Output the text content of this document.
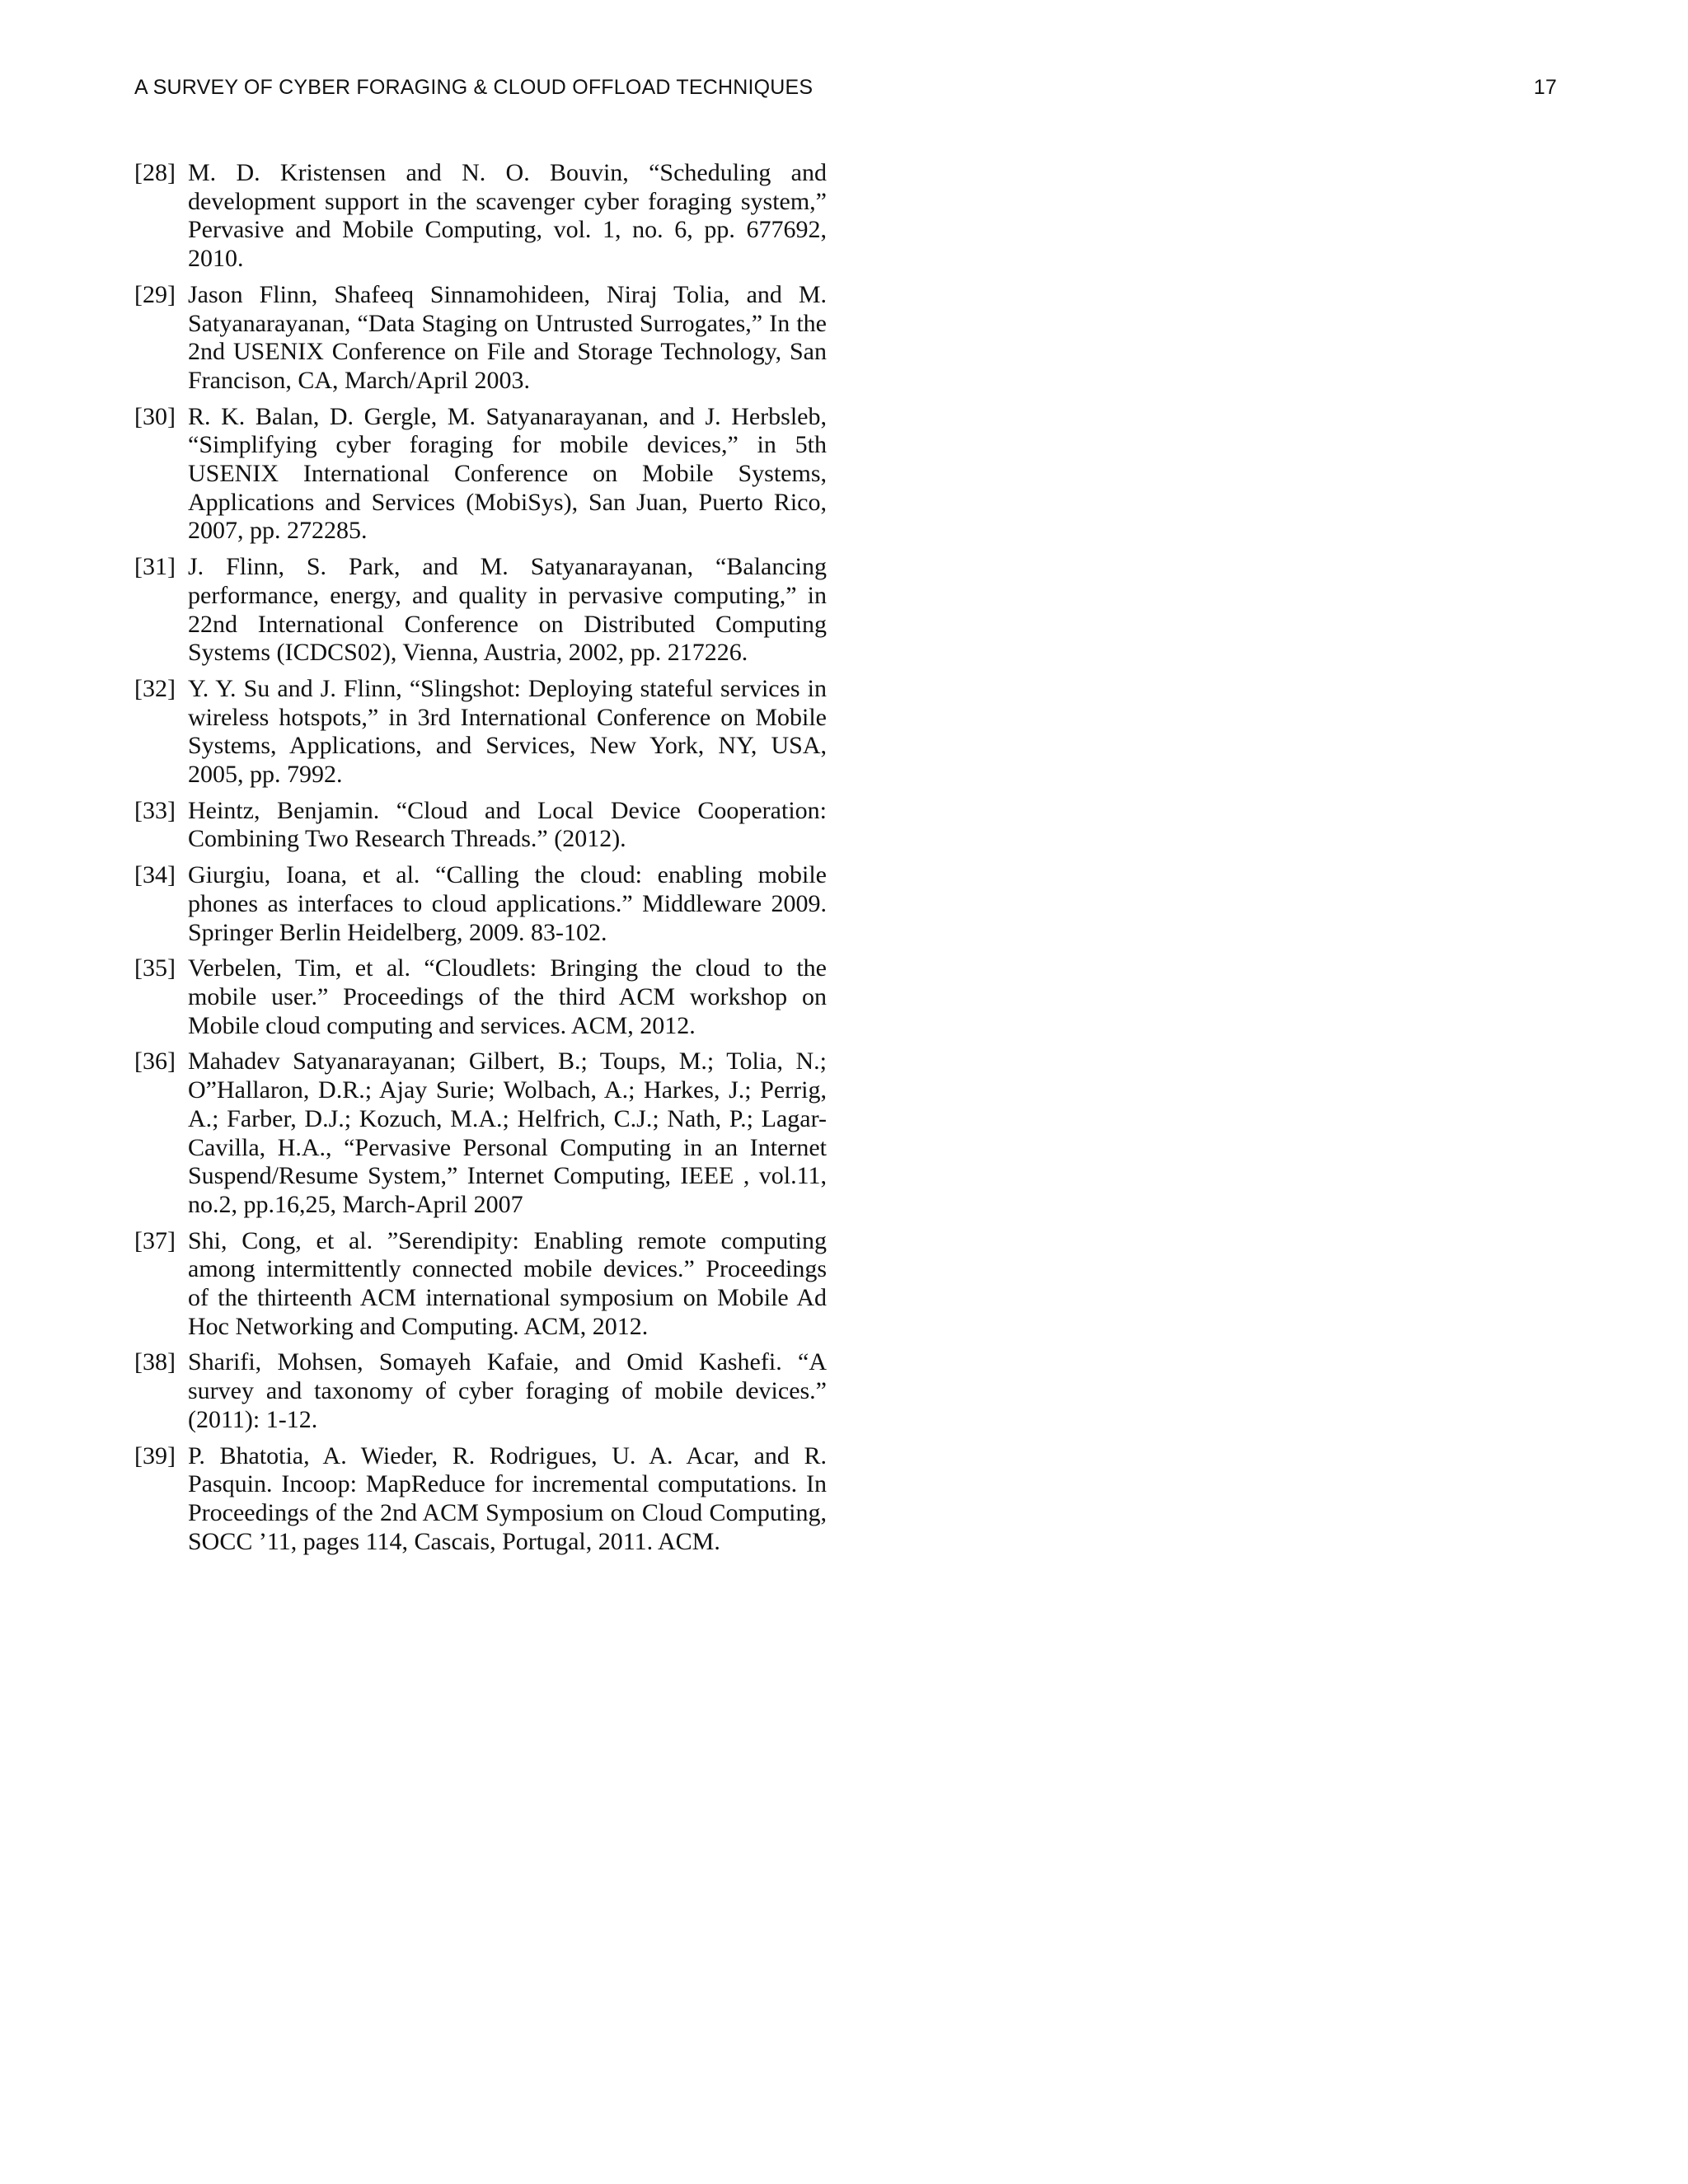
A SURVEY OF CYBER FORAGING & CLOUD OFFLOAD TECHNIQUES	17
[28] M. D. Kristensen and N. O. Bouvin, “Scheduling and development support in the scavenger cyber foraging system,” Pervasive and Mobile Computing, vol. 1, no. 6, pp. 677692, 2010.
[29] Jason Flinn, Shafeeq Sinnamohideen, Niraj Tolia, and M. Satyanarayanan, “Data Staging on Untrusted Surrogates,” In the 2nd USENIX Conference on File and Storage Technology, San Francison, CA, March/April 2003.
[30] R. K. Balan, D. Gergle, M. Satyanarayanan, and J. Herbsleb, “Simplifying cyber foraging for mobile devices,” in 5th USENIX International Conference on Mobile Systems, Applications and Services (MobiSys), San Juan, Puerto Rico, 2007, pp. 272285.
[31] J. Flinn, S. Park, and M. Satyanarayanan, “Balancing performance, energy, and quality in pervasive computing,” in 22nd International Conference on Distributed Computing Systems (ICDCS02), Vienna, Austria, 2002, pp. 217226.
[32] Y. Y. Su and J. Flinn, “Slingshot: Deploying stateful services in wireless hotspots,” in 3rd International Conference on Mobile Systems, Applications, and Services, New York, NY, USA, 2005, pp. 7992.
[33] Heintz, Benjamin. “Cloud and Local Device Cooperation: Combining Two Research Threads.” (2012).
[34] Giurgiu, Ioana, et al. “Calling the cloud: enabling mobile phones as interfaces to cloud applications.” Middleware 2009. Springer Berlin Heidelberg, 2009. 83-102.
[35] Verbelen, Tim, et al. “Cloudlets: Bringing the cloud to the mobile user.” Proceedings of the third ACM workshop on Mobile cloud computing and services. ACM, 2012.
[36] Mahadev Satyanarayanan; Gilbert, B.; Toups, M.; Tolia, N.; O”Hallaron, D.R.; Ajay Surie; Wolbach, A.; Harkes, J.; Perrig, A.; Farber, D.J.; Kozuch, M.A.; Helfrich, C.J.; Nath, P.; Lagar-Cavilla, H.A., “Pervasive Personal Computing in an Internet Suspend/Resume System,” Internet Computing, IEEE , vol.11, no.2, pp.16,25, March-April 2007
[37] Shi, Cong, et al. ”Serendipity: Enabling remote computing among intermittently connected mobile devices.” Proceedings of the thirteenth ACM international symposium on Mobile Ad Hoc Networking and Computing. ACM, 2012.
[38] Sharifi, Mohsen, Somayeh Kafaie, and Omid Kashefi. “A survey and taxonomy of cyber foraging of mobile devices.” (2011): 1-12.
[39] P. Bhatotia, A. Wieder, R. Rodrigues, U. A. Acar, and R. Pasquin. Incoop: MapReduce for incremental computations. In Proceedings of the 2nd ACM Symposium on Cloud Computing, SOCC ’11, pages 114, Cascais, Portugal, 2011. ACM.
